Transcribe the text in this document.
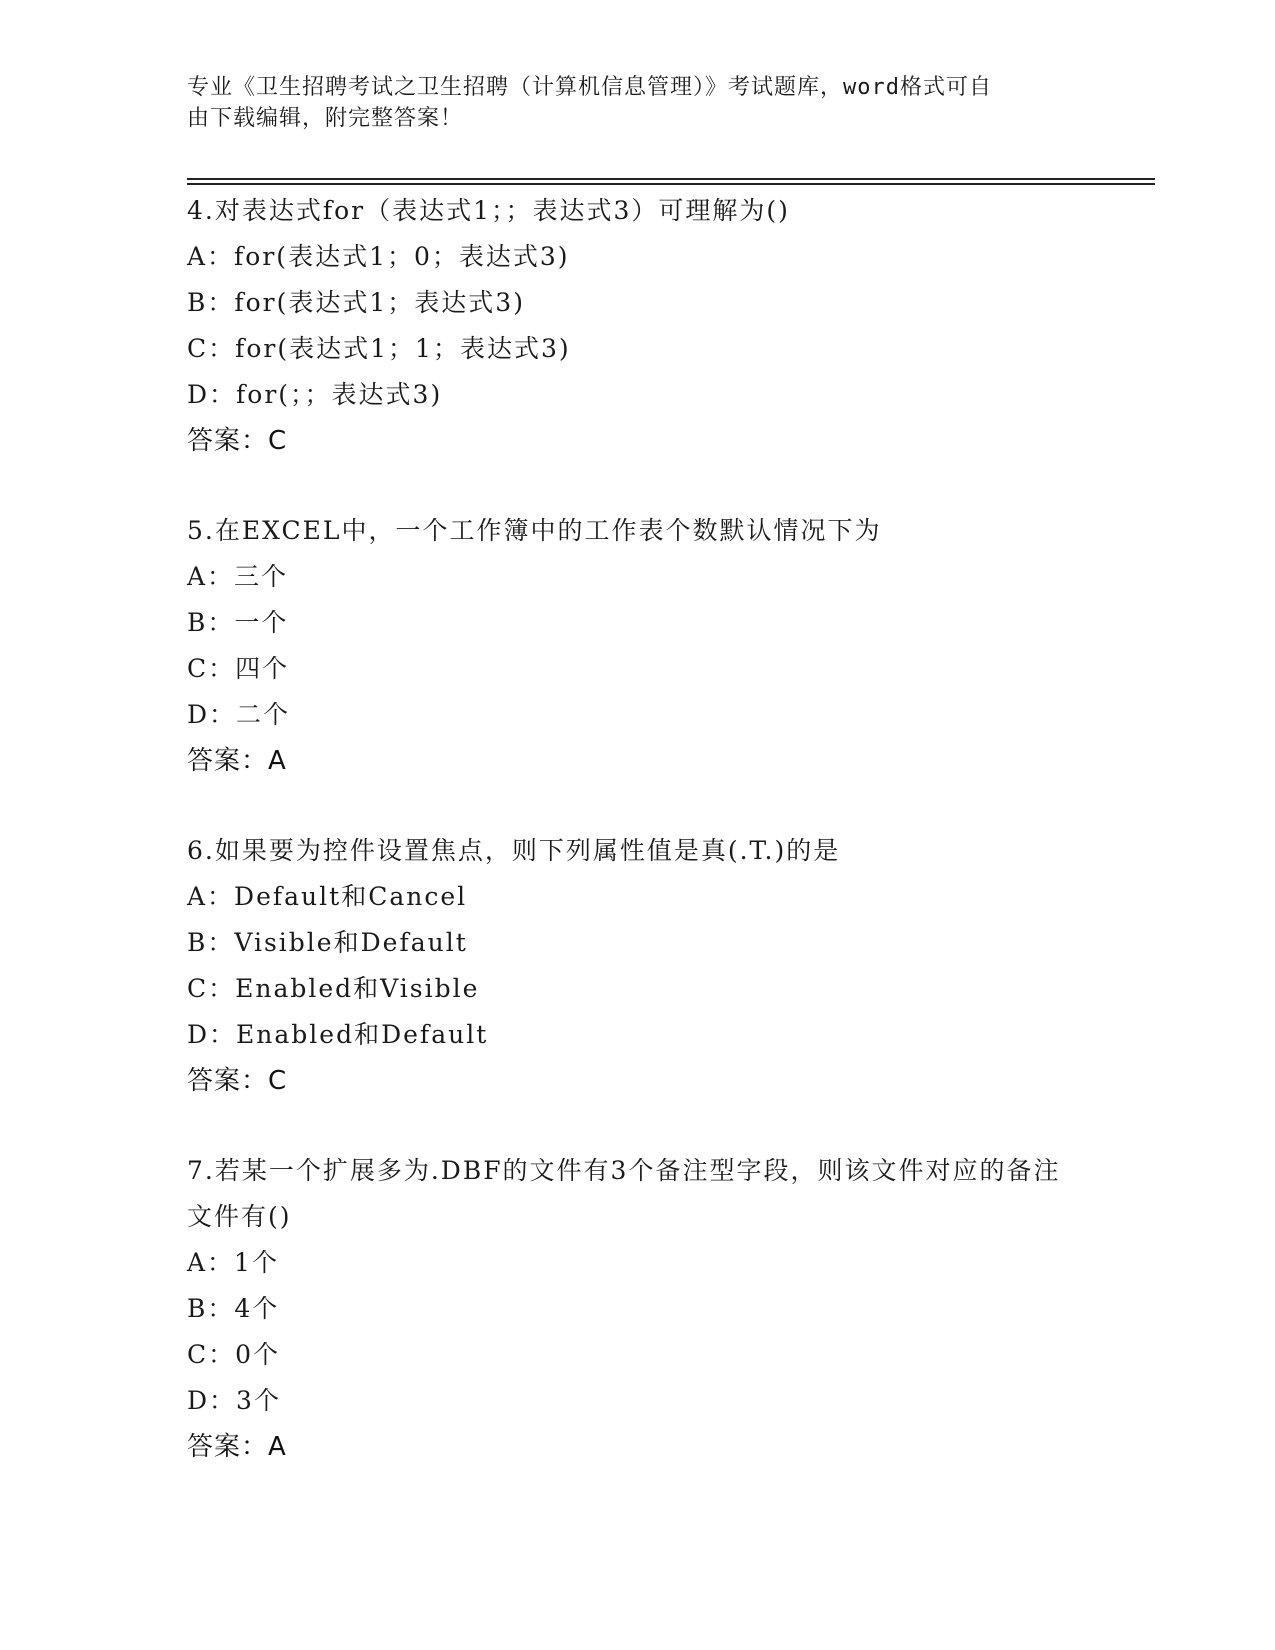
专业《卫生招聘考试之卫生招聘（计算机信息管理）》考试题库，word格式可自
由下载编辑，附完整答案！
4.对表达式for（表达式1；；表达式3）可理解为()
A：for(表达式1；0；表达式3)
B：for(表达式1；表达式3)
C：for(表达式1；1；表达式3)
D：for(；；表达式3)
答案：C
5.在EXCEL中，一个工作簿中的工作表个数默认情况下为
A：三个
B：一个
C：四个
D：二个
答案：A
6.如果要为控件设置焦点，则下列属性值是真(.T.)的是
A：Default和Cancel
B：Visible和Default
C：Enabled和Visible
D：Enabled和Default
答案：C
7.若某一个扩展多为.DBF的文件有3个备注型字段，则该文件对应的备注文件有()
A：1个
B：4个
C：0个
D：3个
答案：A
